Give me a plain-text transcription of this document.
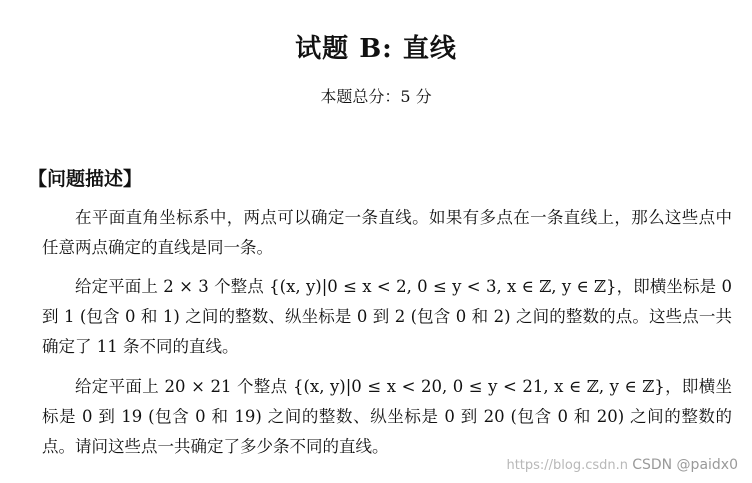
试题 B: 直线
本题总分：5 分
【问题描述】

在平面直角坐标系中，两点可以确定一条直线。如果有多点在一条直线上，那么这些点中任意两点确定的直线是同一条。

给定平面上 2 × 3 个整点 {(x, y)|0 ≤ x < 2, 0 ≤ y < 3, x ∈ ℤ, y ∈ ℤ}，即横坐标是 0 到 1 (包含 0 和 1) 之间的整数、纵坐标是 0 到 2 (包含 0 和 2) 之间的整数的点。这些点一共确定了 11 条不同的直线。

给定平面上 20 × 21 个整点 {(x, y)|0 ≤ x < 20, 0 ≤ y < 21, x ∈ ℤ, y ∈ ℤ}，即横坐标是 0 到 19 (包含 0 和 19) 之间的整数、纵坐标是 0 到 20 (包含 0 和 20) 之间的整数的点。请问这些点一共确定了多少条不同的直线。

https://blog.csdn.n CSDN @paidx0
